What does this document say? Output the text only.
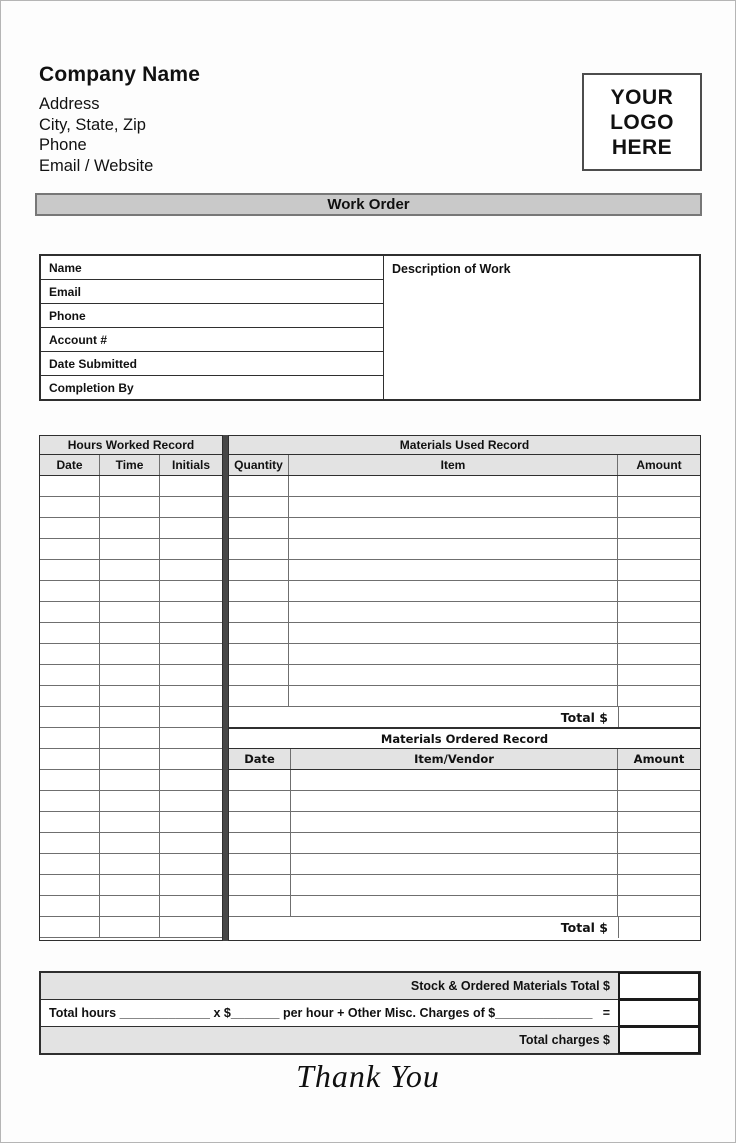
Company Name
Address
City, State, Zip
Phone
Email / Website
YOUR
LOGO
HERE
Work Order
Name
Email
Phone
Account #
Date Submitted
Completion By
Description of Work
Hours Worked Record
Date	Time	Initials
Materials Used Record
Quantity	Item	Amount
Total $
Materials Ordered Record
Date	Item/Vendor	Amount
Total $
Stock & Ordered Materials Total $
Total hours _____________ x $_______ per hour + Other Misc. Charges of $______________ =
Total charges $
Thank You
